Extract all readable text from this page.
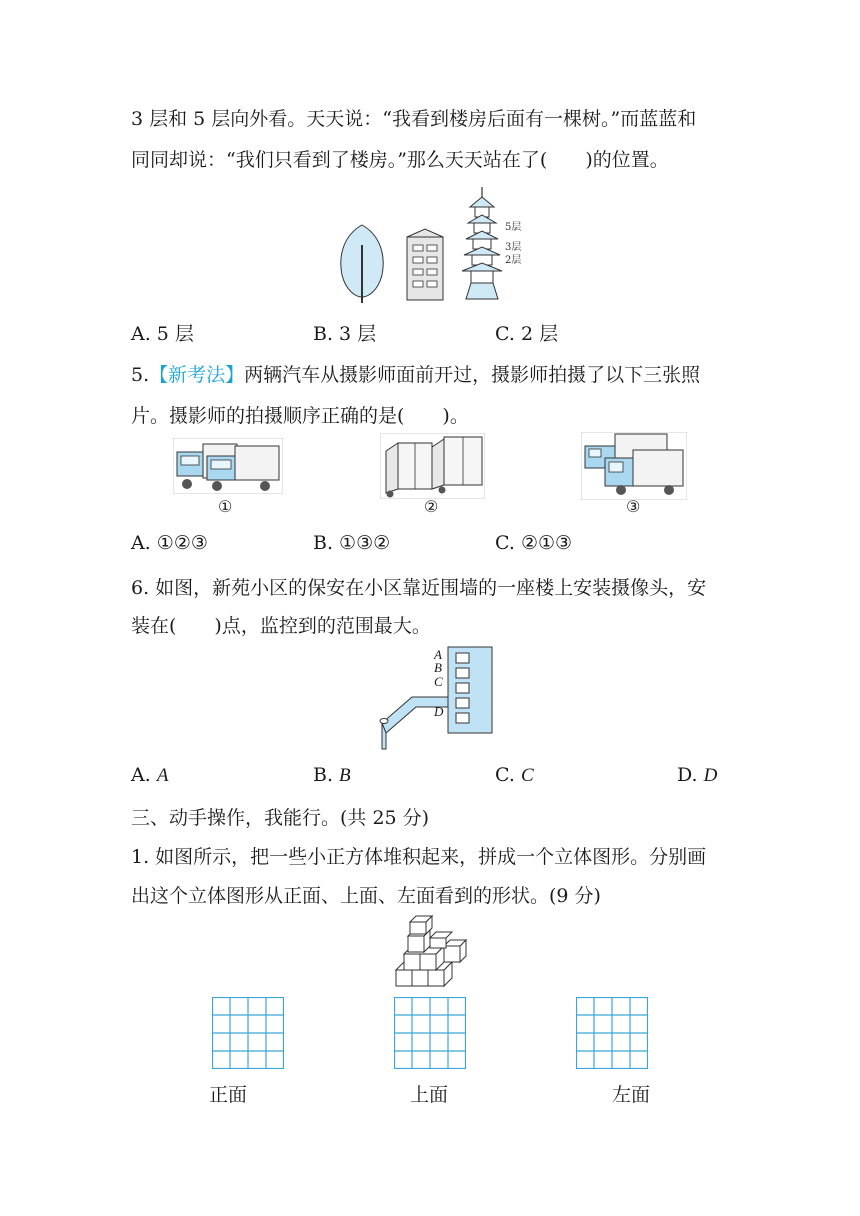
3 层和 5 层向外看。天天说：“我看到楼房后面有一棵树。”而蓝蓝和
同同却说：“我们只看到了楼房。”那么天天站在了(　　)的位置。
5层
3层
2层
A. 5 层	B. 3 层	C. 2 层
5.【新考法】两辆汽车从摄影师面前开过，摄影师拍摄了以下三张照
片。摄影师的拍摄顺序正确的是(　　)。
①	②	③
A. ①②③	B. ①③②	C. ②①③
6. 如图，新苑小区的保安在小区靠近围墙的一座楼上安装摄像头，安
装在(　　)点，监控到的范围最大。
A
B
C
D
A. A	B. B	C. C	D. D
三、动手操作，我能行。(共 25 分)
1. 如图所示，把一些小正方体堆积起来，拼成一个立体图形。分别画
出这个立体图形从正面、上面、左面看到的形状。(9 分)
正面	上面	左面
